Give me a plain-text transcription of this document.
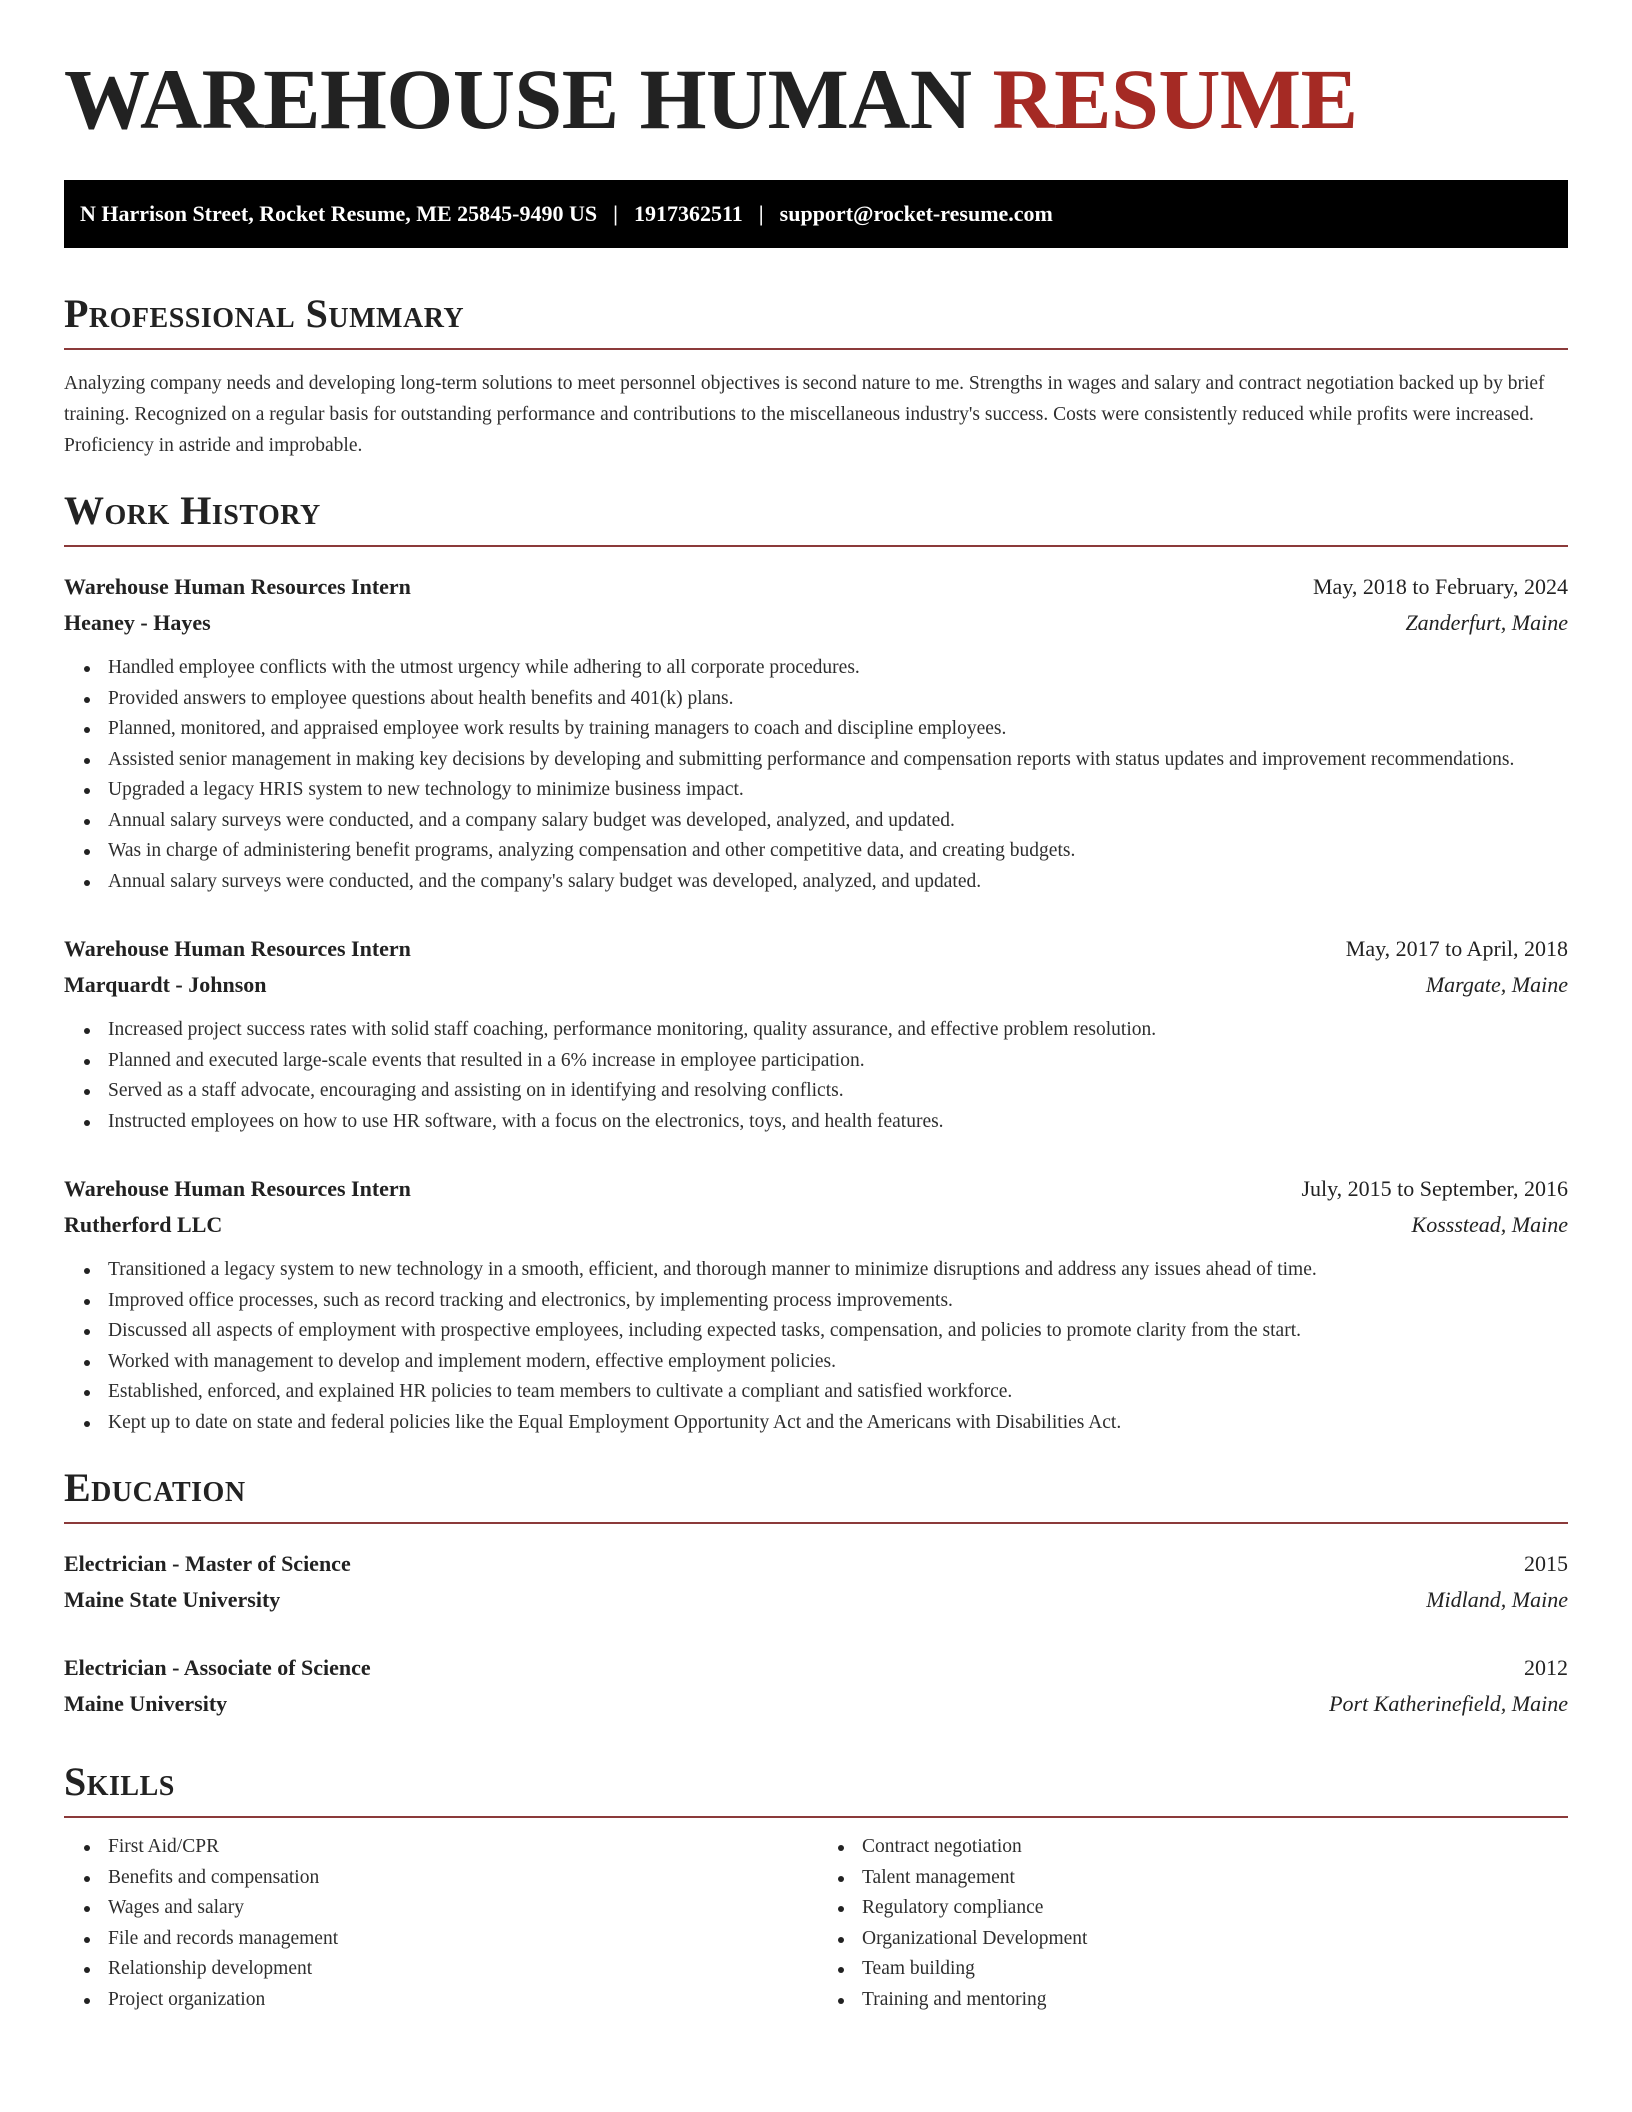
WAREHOUSE HUMAN RESUME
N Harrison Street, Rocket Resume, ME 25845-9490 US | 1917362511 | support@rocket-resume.com
Professional Summary

Analyzing company needs and developing long-term solutions to meet personnel objectives is second nature to me. Strengths in wages and salary and contract negotiation backed up by brief training. Recognized on a regular basis for outstanding performance and contributions to the miscellaneous industry's success. Costs were consistently reduced while profits were increased. Proficiency in astride and improbable.

Work History
Warehouse Human Resources Intern	May, 2018 to February, 2024
Heaney - Hayes	Zanderfurt, Maine
Handled employee conflicts with the utmost urgency while adhering to all corporate procedures.
Provided answers to employee questions about health benefits and 401(k) plans.
Planned, monitored, and appraised employee work results by training managers to coach and discipline employees.
Assisted senior management in making key decisions by developing and submitting performance and compensation reports with status updates and improvement recommendations.
Upgraded a legacy HRIS system to new technology to minimize business impact.
Annual salary surveys were conducted, and a company salary budget was developed, analyzed, and updated.
Was in charge of administering benefit programs, analyzing compensation and other competitive data, and creating budgets.
Annual salary surveys were conducted, and the company's salary budget was developed, analyzed, and updated.
Warehouse Human Resources Intern	May, 2017 to April, 2018
Marquardt - Johnson	Margate, Maine
Increased project success rates with solid staff coaching, performance monitoring, quality assurance, and effective problem resolution.
Planned and executed large-scale events that resulted in a 6% increase in employee participation.
Served as a staff advocate, encouraging and assisting on in identifying and resolving conflicts.
Instructed employees on how to use HR software, with a focus on the electronics, toys, and health features.
Warehouse Human Resources Intern	July, 2015 to September, 2016
Rutherford LLC	Kossstead, Maine
Transitioned a legacy system to new technology in a smooth, efficient, and thorough manner to minimize disruptions and address any issues ahead of time.
Improved office processes, such as record tracking and electronics, by implementing process improvements.
Discussed all aspects of employment with prospective employees, including expected tasks, compensation, and policies to promote clarity from the start.
Worked with management to develop and implement modern, effective employment policies.
Established, enforced, and explained HR policies to team members to cultivate a compliant and satisfied workforce.
Kept up to date on state and federal policies like the Equal Employment Opportunity Act and the Americans with Disabilities Act.
Education
Electrician - Master of Science	2015
Maine State University	Midland, Maine
Electrician - Associate of Science	2012
Maine University	Port Katherinefield, Maine
Skills
First Aid/CPR
Benefits and compensation
Wages and salary
File and records management
Relationship development
Project organization
Contract negotiation
Talent management
Regulatory compliance
Organizational Development
Team building
Training and mentoring
